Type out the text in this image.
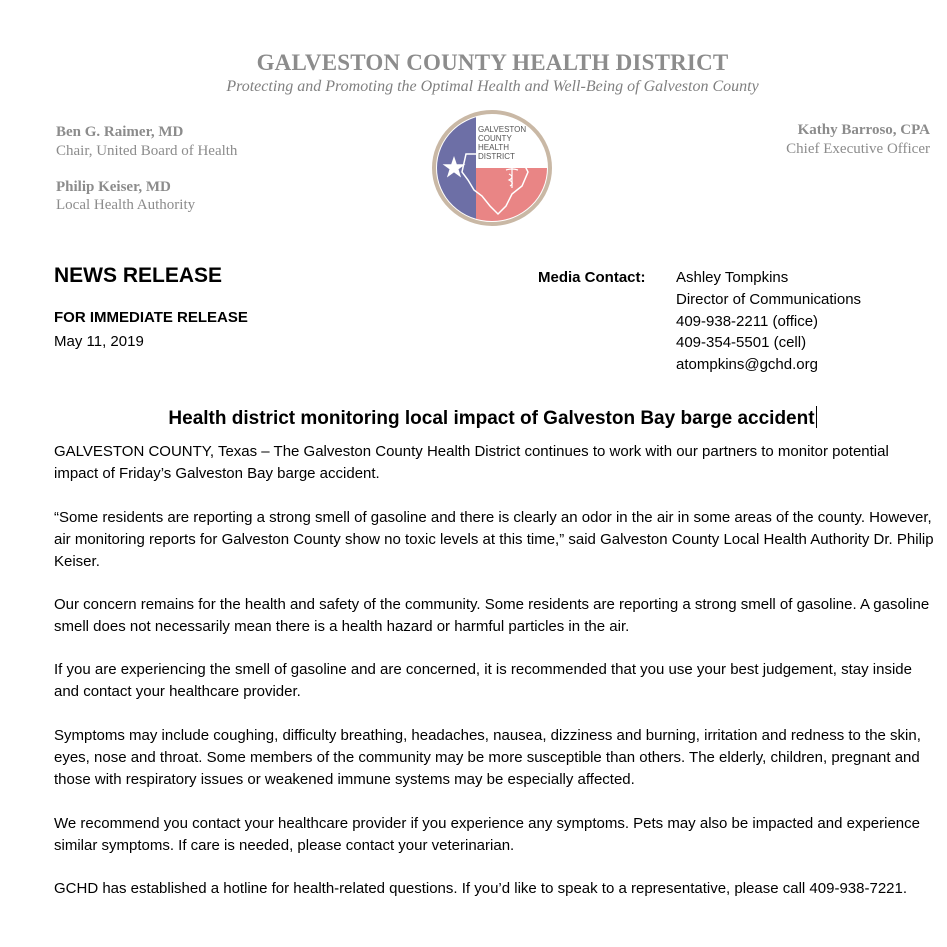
GALVESTON COUNTY HEALTH DISTRICT
Protecting and Promoting the Optimal Health and Well-Being of Galveston County
Ben G. Raimer, MD
Chair, United Board of Health
Philip Keiser, MD
Local Health Authority
Kathy Barroso, CPA
Chief Executive Officer
GALVESTON
COUNTY
HEALTH
DISTRICT
NEWS RELEASE
FOR IMMEDIATE RELEASE
May 11, 2019
Media Contact: Ashley Tompkins
Director of Communications
409-938-2211 (office)
409-354-5501 (cell)
atompkins@gchd.org
Health district monitoring local impact of Galveston Bay barge accident

GALVESTON COUNTY, Texas – The Galveston County Health District continues to work with our partners to monitor potential impact of Friday’s Galveston Bay barge accident.

“Some residents are reporting a strong smell of gasoline and there is clearly an odor in the air in some areas of the county. However, air monitoring reports for Galveston County show no toxic levels at this time,” said Galveston County Local Health Authority Dr. Philip Keiser.

Our concern remains for the health and safety of the community. Some residents are reporting a strong smell of gasoline. A gasoline smell does not necessarily mean there is a health hazard or harmful particles in the air.

If you are experiencing the smell of gasoline and are concerned, it is recommended that you use your best judgement, stay inside and contact your healthcare provider.

Symptoms may include coughing, difficulty breathing, headaches, nausea, dizziness and burning, irritation and redness to the skin, eyes, nose and throat. Some members of the community may be more susceptible than others. The elderly, children, pregnant and those with respiratory issues or weakened immune systems may be especially affected.

We recommend you contact your healthcare provider if you experience any symptoms. Pets may also be impacted and experience similar symptoms. If care is needed, please contact your veterinarian.

GCHD has established a hotline for health-related questions. If you’d like to speak to a representative, please call 409-938-7221.
